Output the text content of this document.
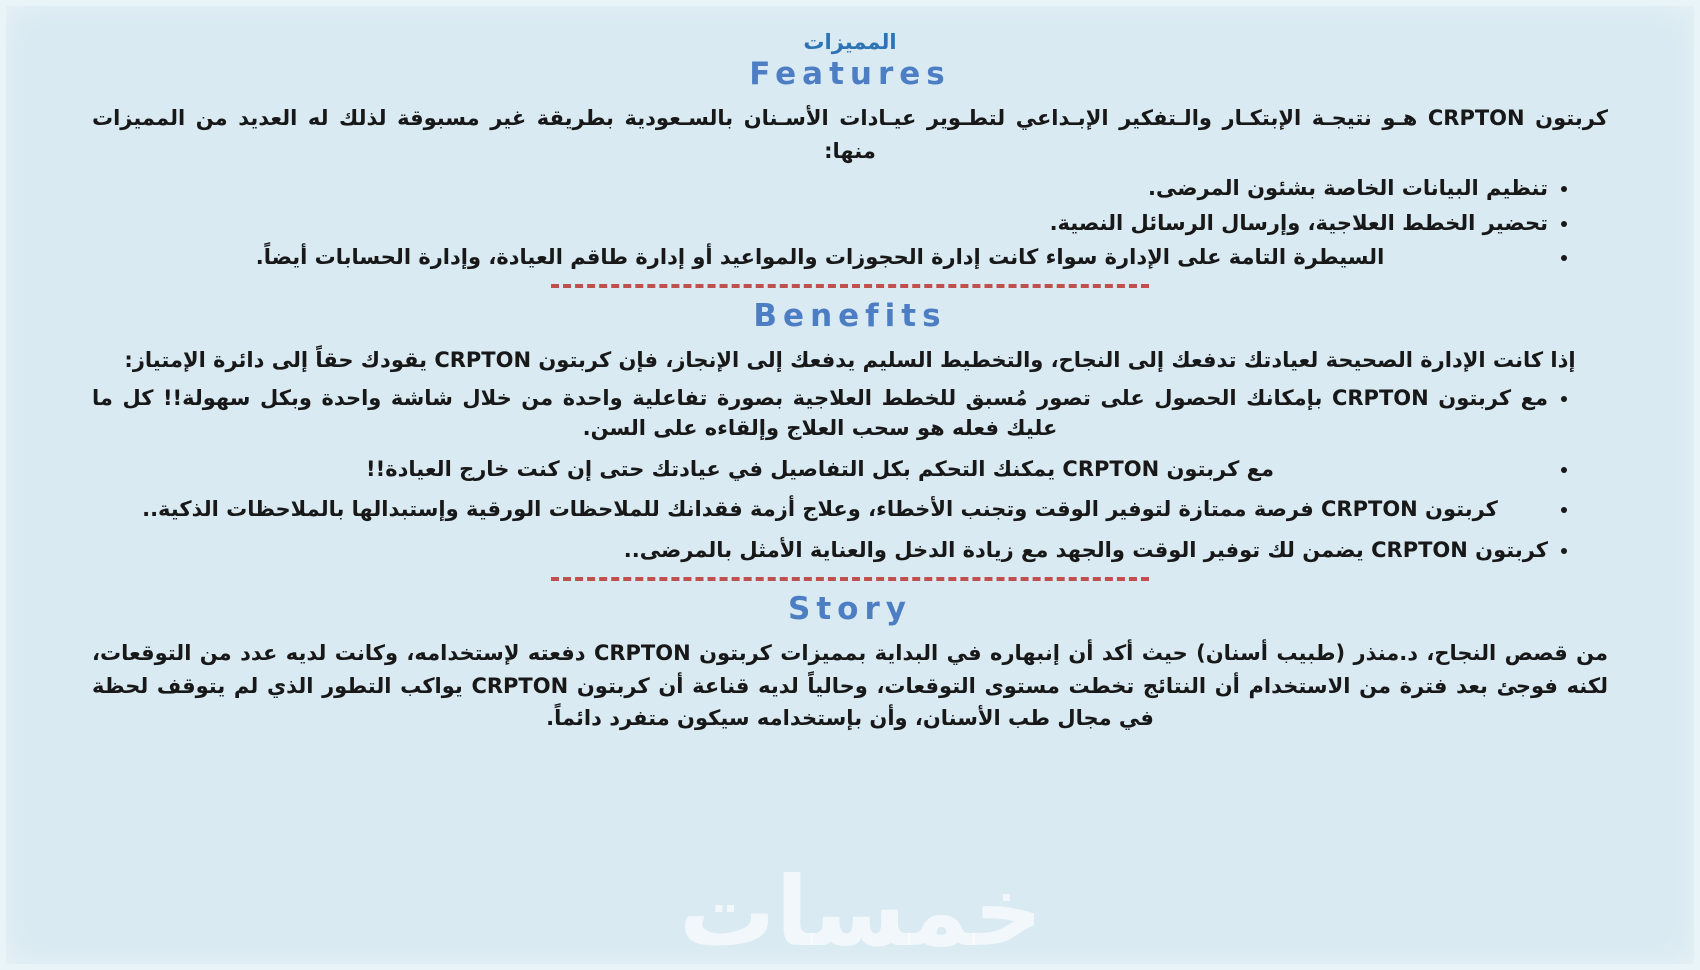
المميزات
Features

كربتون CRPTON هـو نتيجـة الإبتكـار والـتفكير الإبـداعي لتطـوير عيـادات الأسـنان بالسـعودية بطريقة غير مسبوقة لذلك له العديد من المميزات منها:

• تنظيم البيانات الخاصة بشئون المرضى.
• تحضير الخطط العلاجية، وإرسال الرسائل النصية.
• السيطرة التامة على الإدارة سواء كانت إدارة الحجوزات والمواعيد أو إدارة طاقم العيادة، وإدارة الحسابات أيضاً.
Benefits

إذا كانت الإدارة الصحيحة لعيادتك تدفعك إلى النجاح، والتخطيط السليم يدفعك إلى الإنجاز، فإن كربتون CRPTON يقودك حقاً إلى دائرة الإمتياز:

• مع كربتون CRPTON بإمكانك الحصول على تصور مُسبق للخطط العلاجية بصورة تفاعلية واحدة من خلال شاشة واحدة وبكل سهولة!! كل ما عليك فعله هو سحب العلاج وإلقاءه على السن.
• مع كربتون CRPTON يمكنك التحكم بكل التفاصيل في عيادتك حتى إن كنت خارج العيادة!!
• كربتون CRPTON فرصة ممتازة لتوفير الوقت وتجنب الأخطاء، وعلاج أزمة فقدانك للملاحظات الورقية وإستبدالها بالملاحظات الذكية..
• كربتون CRPTON يضمن لك توفير الوقت والجهد مع زيادة الدخل والعناية الأمثل بالمرضى..
Story

من قصص النجاح، د.منذر (طبيب أسنان) حيث أكد أن إنبهاره في البداية بمميزات كربتون CRPTON دفعته لإستخدامه، وكانت لديه عدد من التوقعات، لكنه فوجئ بعد فترة من الاستخدام أن النتائج تخطت مستوى التوقعات، وحالياً لديه قناعة أن كربتون CRPTON يواكب التطور الذي لم يتوقف لحظة في مجال طب الأسنان، وأن بإستخدامه سيكون متفرد دائماً.

خمسات
